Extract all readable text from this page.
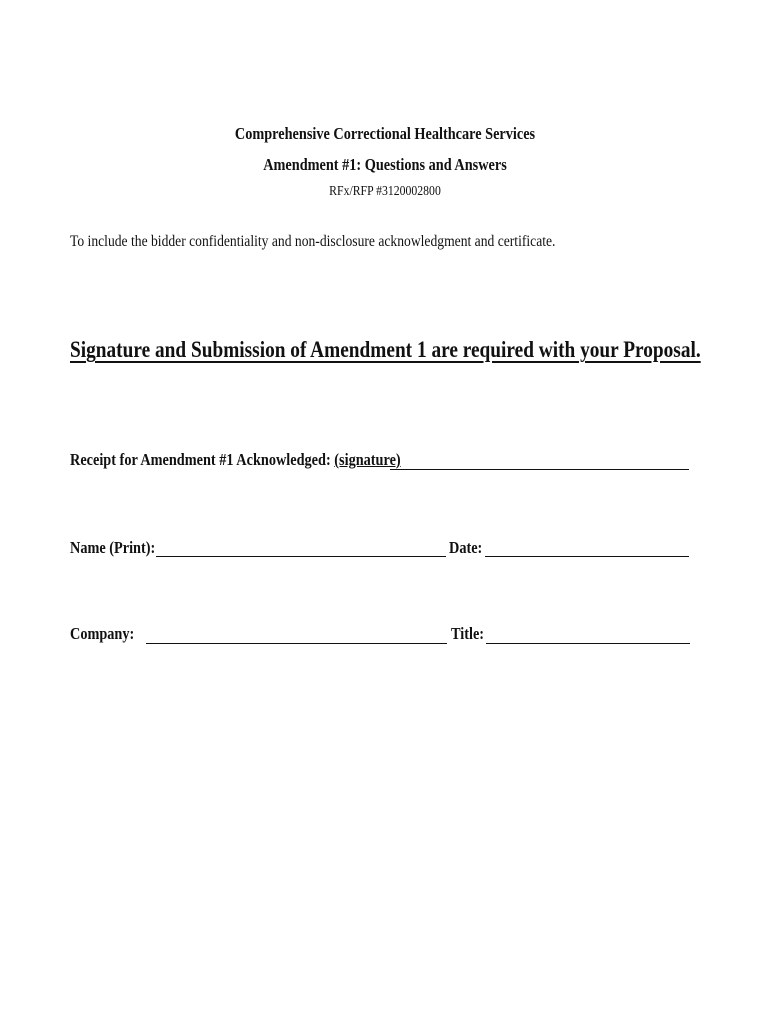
Comprehensive Correctional Healthcare Services
Amendment #1: Questions and Answers
RFx/RFP #3120002800
To include the bidder confidentiality and non-disclosure acknowledgment and certificate.
Signature and Submission of Amendment 1 are required with your Proposal.
Receipt for Amendment #1 Acknowledged: (signature)
Name (Print):	Date:
Company:	Title:
